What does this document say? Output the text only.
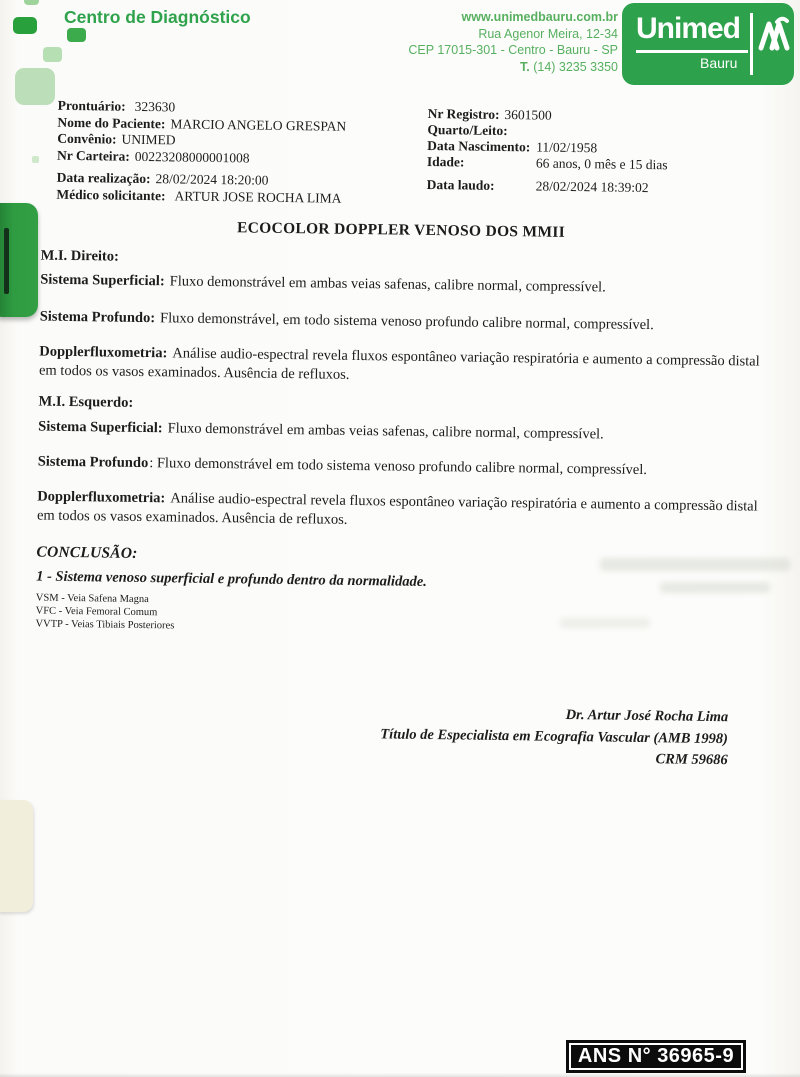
Centro de Diagnóstico	www.unimedbauru.com.br
Rua Agenor Meira, 12-34
CEP 17015-301 - Centro - Bauru - SP
T. (14) 3235 3350
Unimed
Bauru
Prontuário: 323630
Nome do Paciente: MARCIO ANGELO GRESPAN
Convênio: UNIMED
Nr Carteira: 00223208000001008
Data realização: 28/02/2024 18:20:00
Médico solicitante: ARTUR JOSE ROCHA LIMA
Nr Registro: 3601500
Quarto/Leito:
Data Nascimento: 11/02/1958
Idade:	66 anos, 0 mês e 15 dias
Data laudo:	28/02/2024 18:39:02
ECOCOLOR DOPPLER VENOSO DOS MMII

M.I. Direito:

Sistema Superficial: Fluxo demonstrável em ambas veias safenas, calibre normal, compressível.

Sistema Profundo: Fluxo demonstrável, em todo sistema venoso profundo calibre normal, compressível.

Dopplerfluxometria: Análise audio-espectral revela fluxos espontâneo variação respiratória e aumento a compressão distal em todos os vasos examinados. Ausência de refluxos.

M.I. Esquerdo:

Sistema Superficial: Fluxo demonstrável em ambas veias safenas, calibre normal, compressível.

Sistema Profundo: Fluxo demonstrável em todo sistema venoso profundo calibre normal, compressível.

Dopplerfluxometria: Análise audio-espectral revela fluxos espontâneo variação respiratória e aumento a compressão distal em todos os vasos examinados. Ausência de refluxos.

CONCLUSÃO:

1 - Sistema venoso superficial e profundo dentro da normalidade.

VSM - Veia Safena Magna

VFC - Veia Femoral Comum

VVTP - Veias Tibiais Posteriores

Dr. Artur José Rocha Lima
Título de Especialista em Ecografia Vascular (AMB 1998)
CRM 59686
ANS N° 36965-9
